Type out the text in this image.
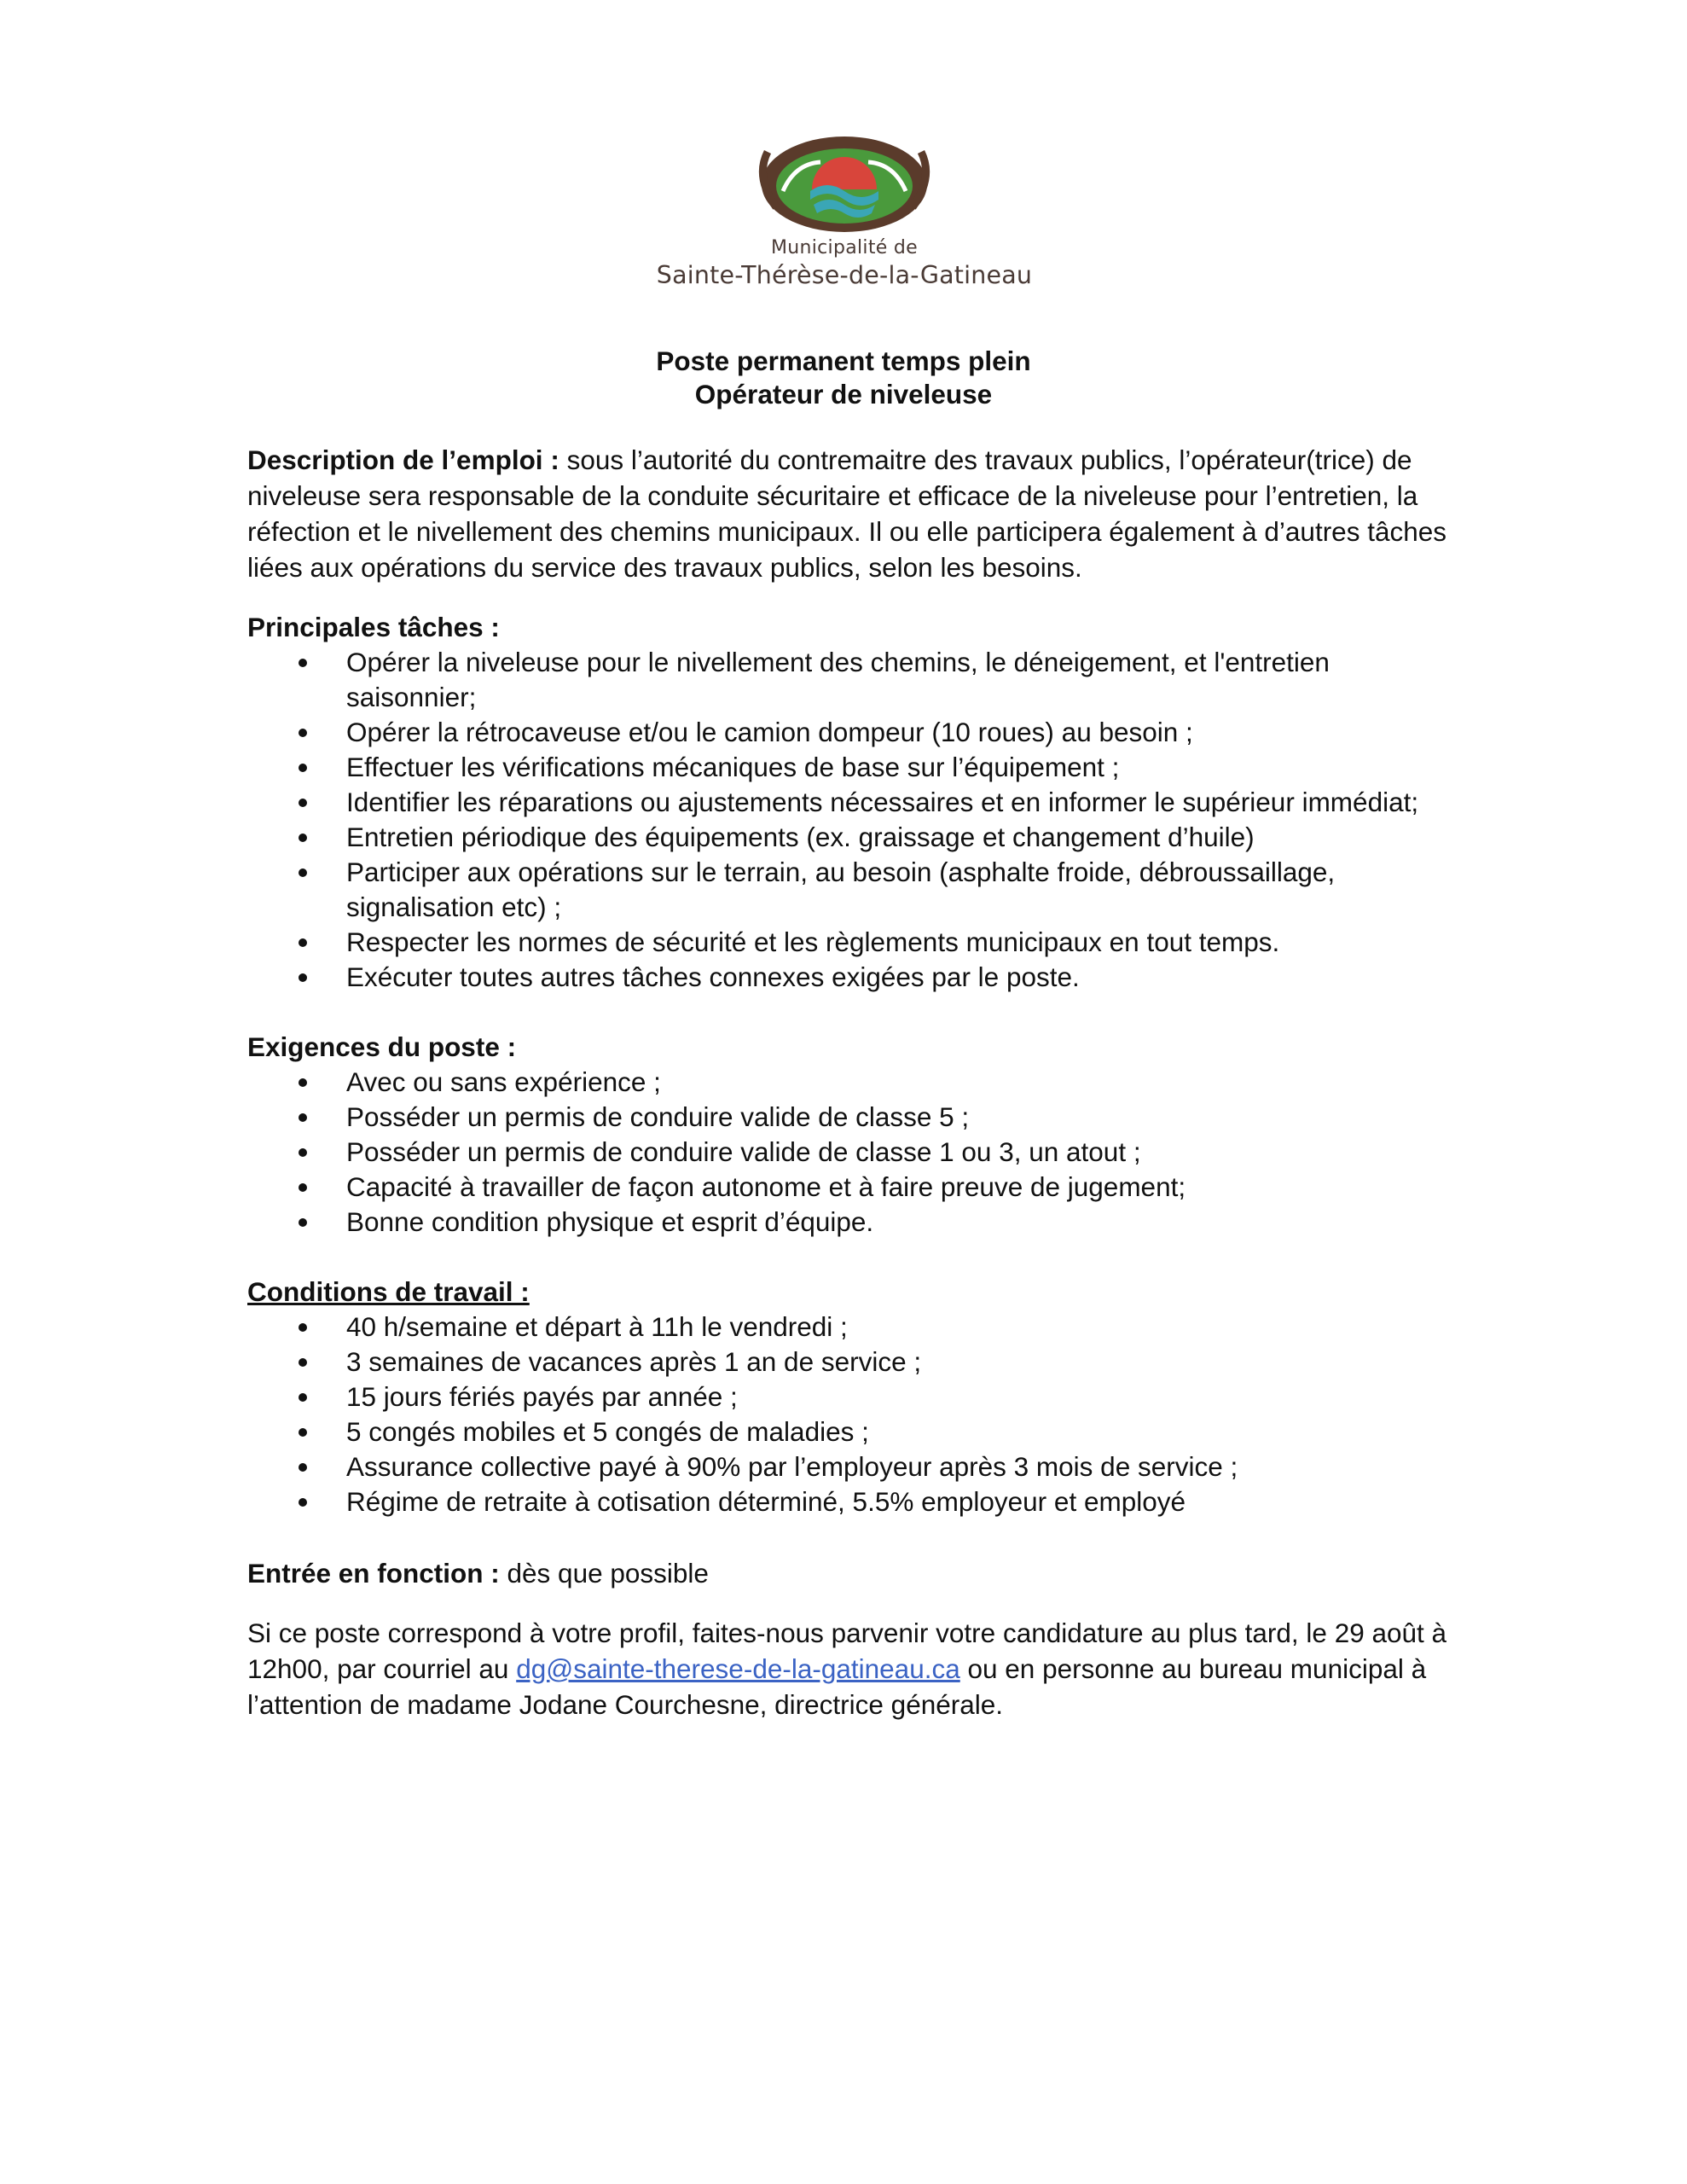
Municipalité de
Sainte-Thérèse-de-la-Gatineau
Poste permanent temps plein
Opérateur de niveleuse

Description de l’emploi : sous l’autorité du contremaitre des travaux publics, l’opérateur(trice) de niveleuse sera responsable de la conduite sécuritaire et efficace de la niveleuse pour l’entretien, la réfection et le nivellement des chemins municipaux. Il ou elle participera également à d’autres tâches liées aux opérations du service des travaux publics, selon les besoins.

Principales tâches :

Opérer la niveleuse pour le nivellement des chemins, le déneigement, et l'entretien saisonnier;
Opérer la rétrocaveuse et/ou le camion dompeur (10 roues) au besoin ;
Effectuer les vérifications mécaniques de base sur l’équipement ;
Identifier les réparations ou ajustements nécessaires et en informer le supérieur immédiat;
Entretien périodique des équipements (ex. graissage et changement d’huile)
Participer aux opérations sur le terrain, au besoin (asphalte froide, débroussaillage, signalisation etc) ;
Respecter les normes de sécurité et les règlements municipaux en tout temps.
Exécuter toutes autres tâches connexes exigées par le poste.

Exigences du poste :

Avec ou sans expérience ;
Posséder un permis de conduire valide de classe 5 ;
Posséder un permis de conduire valide de classe 1 ou 3, un atout ;
Capacité à travailler de façon autonome et à faire preuve de jugement;
Bonne condition physique et esprit d’équipe.

Conditions de travail :

40 h/semaine et départ à 11h le vendredi ;
3 semaines de vacances après 1 an de service ;
15 jours fériés payés par année ;
5 congés mobiles et 5 congés de maladies ;
Assurance collective payé à 90% par l’employeur après 3 mois de service ;
Régime de retraite à cotisation déterminé, 5.5% employeur et employé

Entrée en fonction : dès que possible

Si ce poste correspond à votre profil, faites-nous parvenir votre candidature au plus tard, le 29 août à 12h00, par courriel au dg@sainte-therese-de-la-gatineau.ca ou en personne au bureau municipal à l’attention de madame Jodane Courchesne, directrice générale.
